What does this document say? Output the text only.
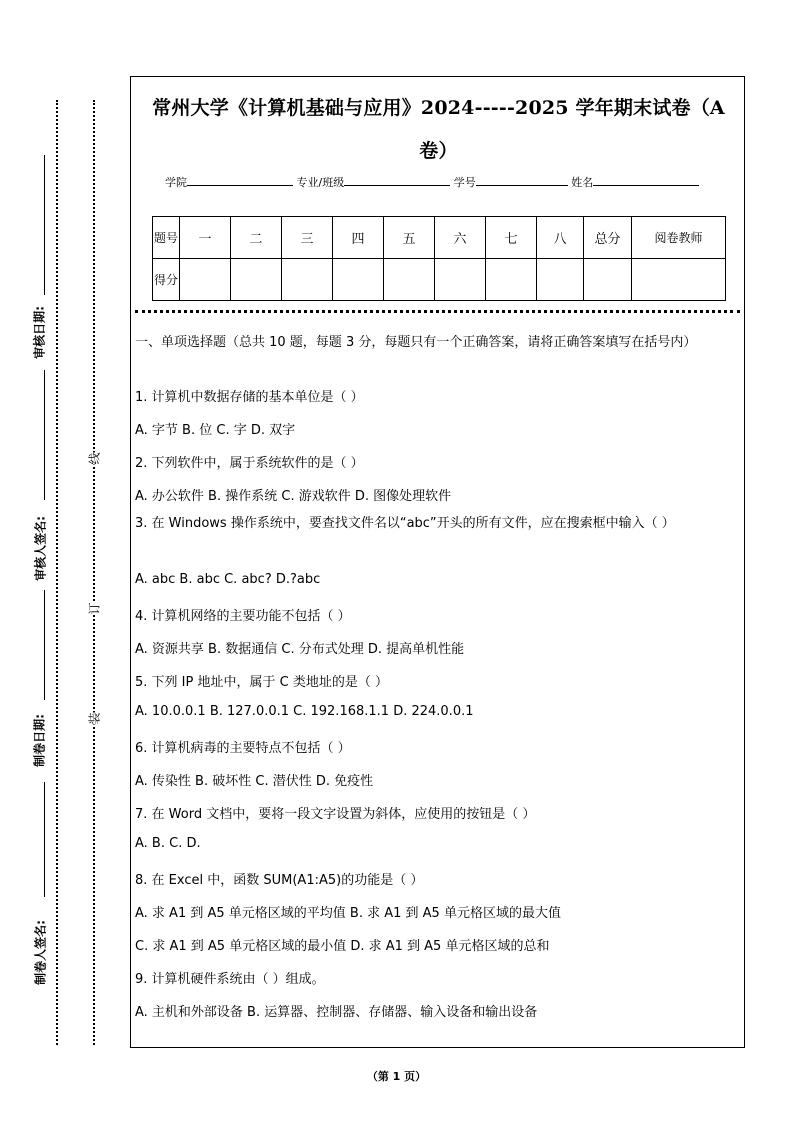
审核日期:
审核人签名:
制卷日期:
制卷人签名:
线
订
装
常州大学《计算机基础与应用》2024-----2025 学年期末试卷（A 卷）
学院	专业/班级	学号	姓名
题号	一	二	三	四	五	六	七	八	总分	阅卷教师
得分										

一、单项选择题（总共 10 题，每题 3 分，每题只有一个正确答案，请将正确答案填写在括号内）

1. 计算机中数据存储的基本单位是（ ）
A. 字节 B. 位 C. 字 D. 双字
2. 下列软件中，属于系统软件的是（ ）
A. 办公软件 B. 操作系统 C. 游戏软件 D. 图像处理软件

3. 在 Windows 操作系统中，要查找文件名以“abc”开头的所有文件，应在搜索框中输入（ ）

A. abc B. abc C. abc? D.?abc
4. 计算机网络的主要功能不包括（ ）
A. 资源共享 B. 数据通信 C. 分布式处理 D. 提高单机性能
5. 下列 IP 地址中，属于 C 类地址的是（ ）
A. 10.0.0.1 B. 127.0.0.1 C. 192.168.1.1 D. 224.0.0.1
6. 计算机病毒的主要特点不包括（ ）
A. 传染性 B. 破坏性 C. 潜伏性 D. 免疫性
7. 在 Word 文档中，要将一段文字设置为斜体，应使用的按钮是（ ）
A. B. C. D.
8. 在 Excel 中，函数 SUM(A1:A5)的功能是（ ）
A. 求 A1 到 A5 单元格区域的平均值 B. 求 A1 到 A5 单元格区域的最大值
C. 求 A1 到 A5 单元格区域的最小值 D. 求 A1 到 A5 单元格区域的总和
9. 计算机硬件系统由（ ）组成。
A. 主机和外部设备 B. 运算器、控制器、存储器、输入设备和输出设备
（第 1 页）
